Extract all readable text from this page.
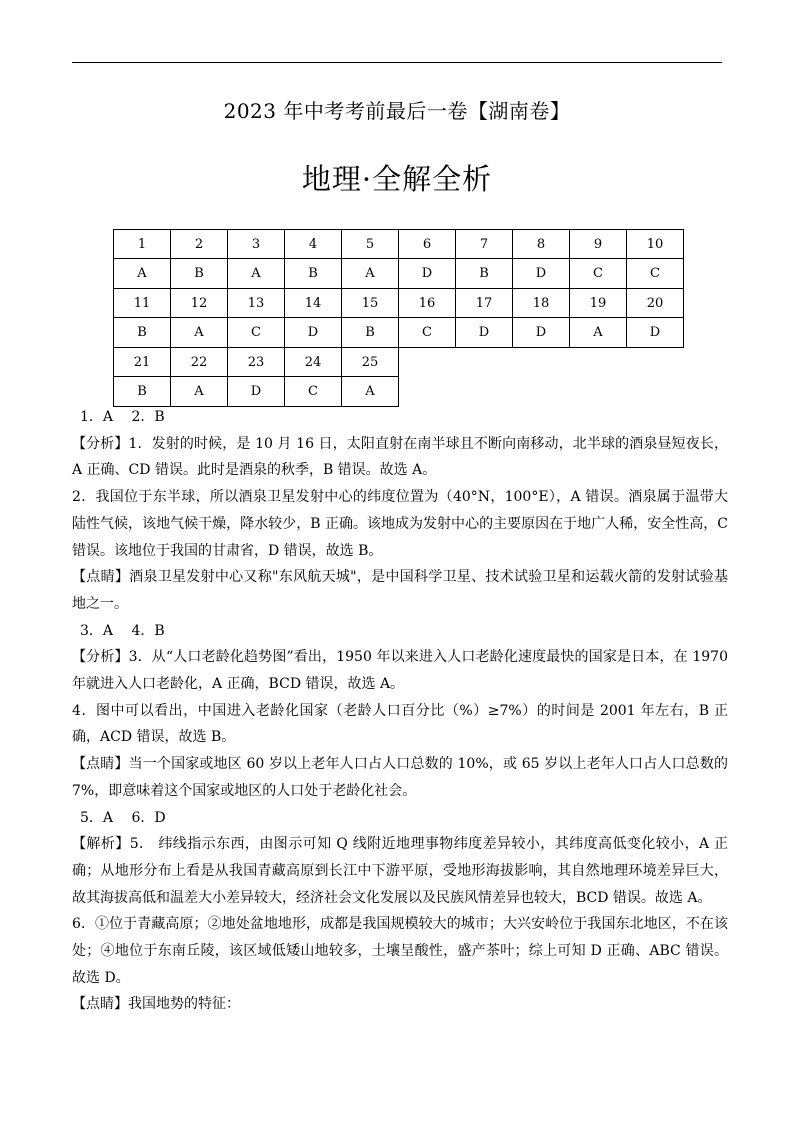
2023 年中考考前最后一卷【湖南卷】
地理·全解全析
1	2	3	4	5	6	7	8	9	10
A	B	A	B	A	D	B	D	C	C
11	12	13	14	15	16	17	18	19	20
B	A	C	D	B	C	D	D	A	D
21	22	23	24	25					
B	A	D	C	A					

1．A　 2．B

【分析】1．发射的时候，是 10 月 16 日，太阳直射在南半球且不断向南移动，北半球的酒泉昼短夜长，A 正确、CD 错误。此时是酒泉的秋季，B 错误。故选 A。

2．我国位于东半球，所以酒泉卫星发射中心的纬度位置为（40°N，100°E），A 错误。酒泉属于温带大陆性气候，该地气候干燥，降水较少，B 正确。该地成为发射中心的主要原因在于地广人稀，安全性高，C 错误。该地位于我国的甘肃省，D 错误，故选 B。

【点睛】酒泉卫星发射中心又称"东风航天城"，是中国科学卫星、技术试验卫星和运载火箭的发射试验基地之一。

3．A　 4．B

【分析】3．从“人口老龄化趋势图”看出，1950 年以来进入人口老龄化速度最快的国家是日本，在 1970 年就进入人口老龄化，A 正确，BCD 错误，故选 A。

4．图中可以看出，中国进入老龄化国家（老龄人口百分比（%）≥7%）的时间是 2001 年左右，B 正确，ACD 错误，故选 B。

【点睛】当一个国家或地区 60 岁以上老年人口占人口总数的 10%，或 65 岁以上老年人口占人口总数的 7%，即意味着这个国家或地区的人口处于老龄化社会。

5．A　 6．D

【解析】5． 纬线指示东西，由图示可知 Q 线附近地理事物纬度差异较小，其纬度高低变化较小，A 正确；从地形分布上看是从我国青藏高原到长江中下游平原，受地形海拔影响，其自然地理环境差异巨大，故其海拔高低和温差大小差异较大，经济社会文化发展以及民族风情差异也较大，BCD 错误。故选 A。

6．①位于青藏高原；②地处盆地地形，成都是我国规模较大的城市；大兴安岭位于我国东北地区，不在该处；④地位于东南丘陵，该区域低矮山地较多，土壤呈酸性，盛产茶叶；综上可知 D 正确、ABC 错误。故选 D。

【点睛】我国地势的特征：
